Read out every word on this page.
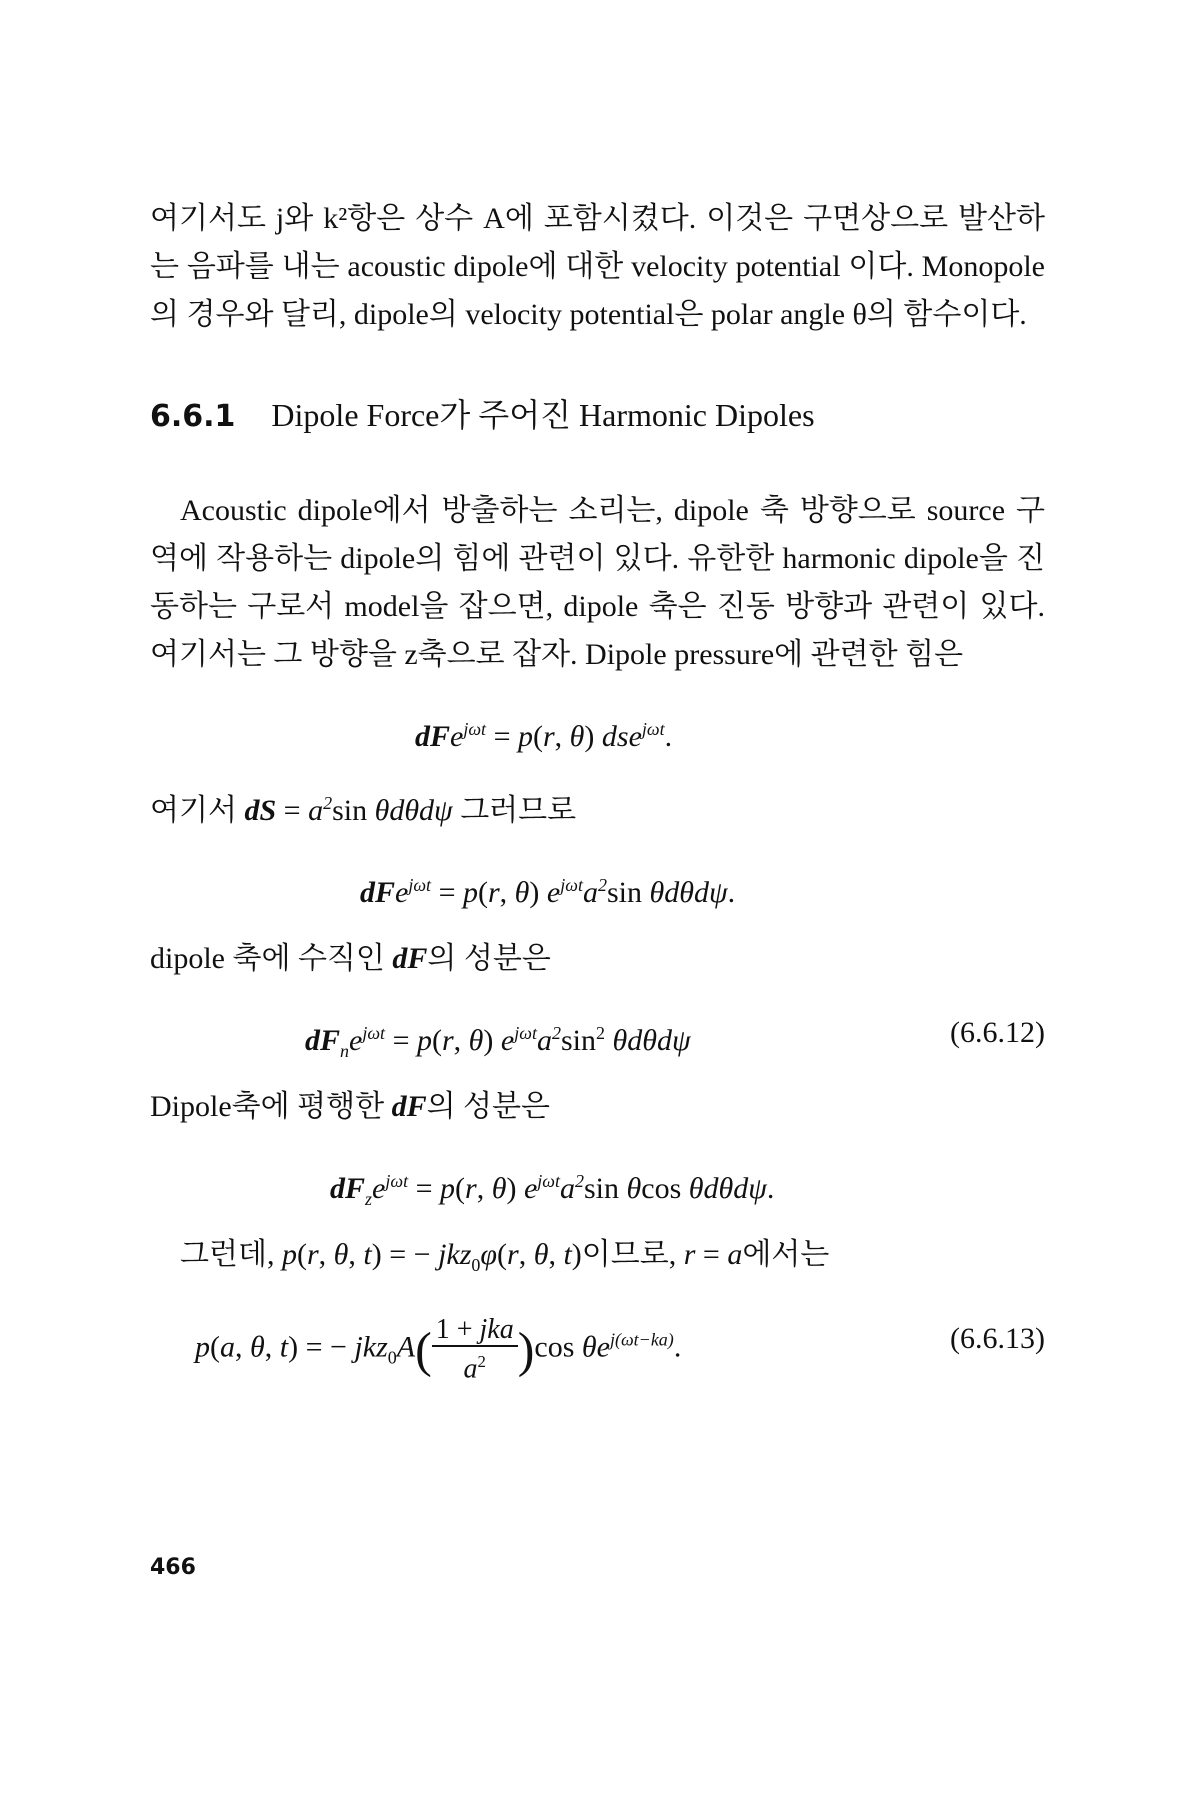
여기서도 j와 k²항은 상수 A에 포함시켰다. 이것은 구면상으로 발산하는 음파를 내는 acoustic dipole에 대한 velocity potential 이다. Monopole의 경우와 달리, dipole의 velocity potential은 polar angle θ의 함수이다.

6.6.1 Dipole Force가 주어진 Harmonic Dipoles

Acoustic dipole에서 방출하는 소리는, dipole 축 방향으로 source 구역에 작용하는 dipole의 힘에 관련이 있다. 유한한 harmonic dipole을 진동하는 구로서 model을 잡으면, dipole 축은 진동 방향과 관련이 있다. 여기서는 그 방향을 z축으로 잡자. Dipole pressure에 관련한 힘은

dFe$^{j\omega t}$ = p(r, θ) dse$^{j\omega t}$.

여기서 dS = $a^2\sin$ θdθdψ 그러므로

dFe$^{j\omega t}$ = p(r, θ) $e^{j\omega t}a^2\sin$ θdθdψ.

dipole 축에 수직인 dF의 성분은

$dF_ne^{j\omega t} = p(r$, θ) $e^{j\omega t}a^2\sin^2$ θdθdψ	(6.6.12)

Dipole축에 평행한 dF의 성분은

$dF_ze^{j\omega t} = p(r$, θ) $e^{j\omega t}a^2\sin$ θcos θdθdψ.

그런데, p(r, θ, t) = − jkz$_0$φ(r, θ, t)이므로, r = a에서는

p(a, θ, t) = − $jkz_0A( \frac{\text{1 + jka}}{a^2} )\cos$ $\theta e^{j(\omega t-ka)}$.	(6.6.13)
466
